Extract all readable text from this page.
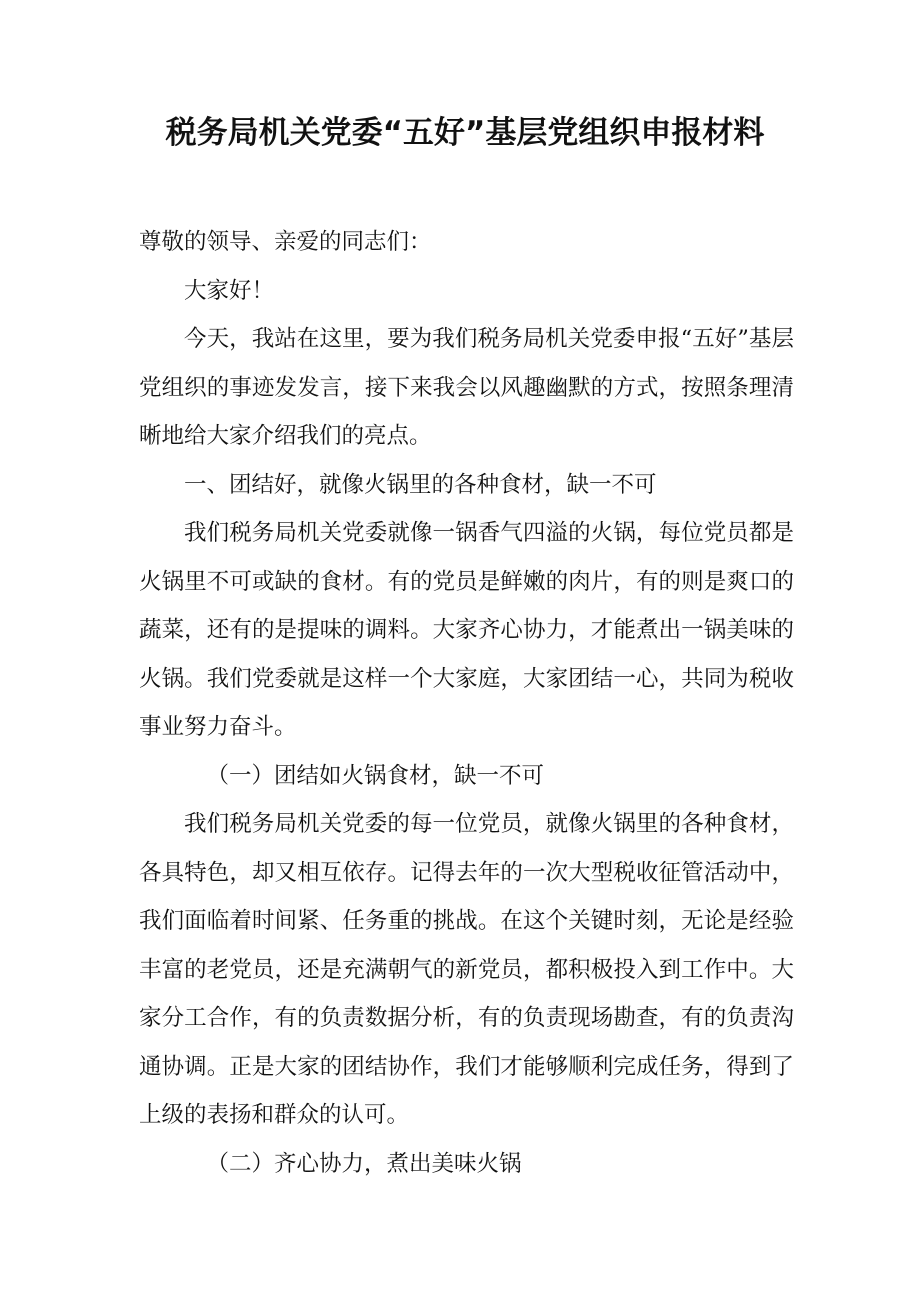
税务局机关党委“五好”基层党组织申报材料

尊敬的领导、亲爱的同志们：

大家好！

今天，我站在这里，要为我们税务局机关党委申报“五好”基层党组织的事迹发发言，接下来我会以风趣幽默的方式，按照条理清晰地给大家介绍我们的亮点。

一、团结好，就像火锅里的各种食材，缺一不可

我们税务局机关党委就像一锅香气四溢的火锅，每位党员都是火锅里不可或缺的食材。有的党员是鲜嫩的肉片，有的则是爽口的蔬菜，还有的是提味的调料。大家齐心协力，才能煮出一锅美味的火锅。我们党委就是这样一个大家庭，大家团结一心，共同为税收事业努力奋斗。

（一）团结如火锅食材，缺一不可

我们税务局机关党委的每一位党员，就像火锅里的各种食材，各具特色，却又相互依存。记得去年的一次大型税收征管活动中，我们面临着时间紧、任务重的挑战。在这个关键时刻，无论是经验丰富的老党员，还是充满朝气的新党员，都积极投入到工作中。大家分工合作，有的负责数据分析，有的负责现场勘查，有的负责沟通协调。正是大家的团结协作，我们才能够顺利完成任务，得到了上级的表扬和群众的认可。

（二）齐心协力，煮出美味火锅
